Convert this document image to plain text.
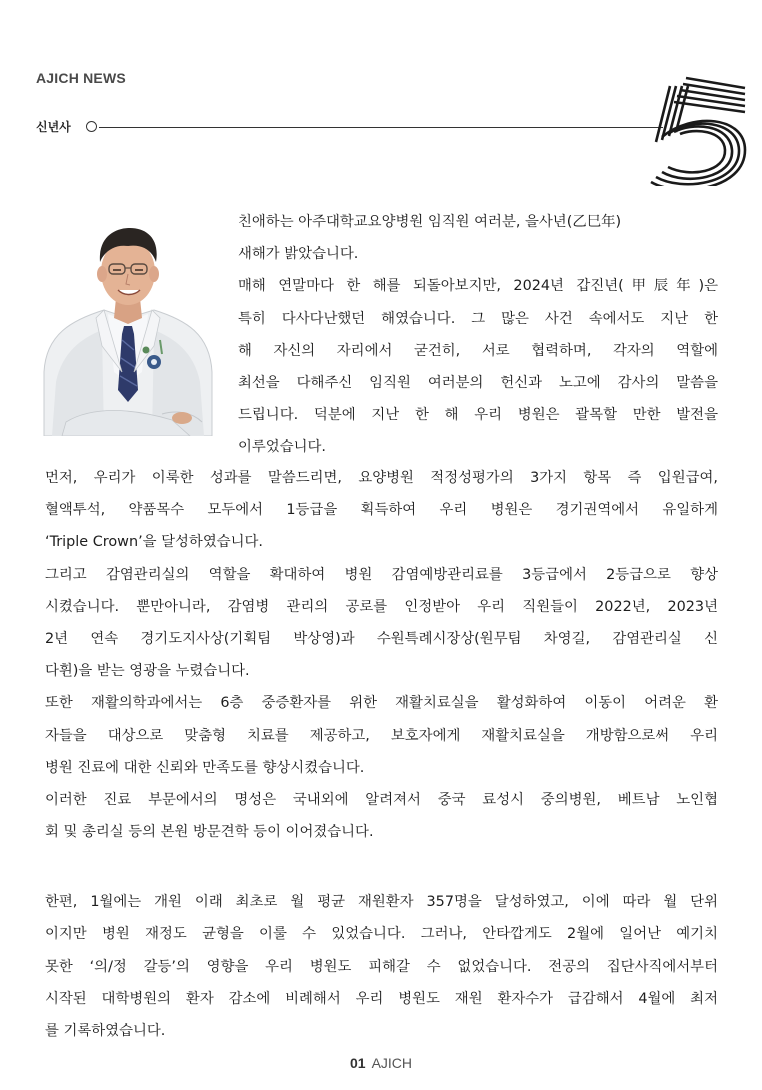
AJICH NEWS
신년사

친애하는 아주대학교요양병원 임직원 여러분, 을사년(乙巳年)

새해가 밝았습니다.

매해 연말마다 한 해를 되돌아보지만, 2024년 갑진년(甲辰年)은

특히 다사다난했던 해였습니다. 그 많은 사건 속에서도 지난 한

해 자신의 자리에서 굳건히, 서로 협력하며, 각자의 역할에

최선을 다해주신 임직원 여러분의 헌신과 노고에 감사의 말씀을

드립니다. 덕분에 지난 한 해 우리 병원은 괄목할 만한 발전을

이루었습니다.

먼저, 우리가 이룩한 성과를 말씀드리면, 요양병원 적정성평가의 3가지 항목 즉 입원급여,

혈액투석, 약품목수 모두에서 1등급을 획득하여 우리 병원은 경기권역에서 유일하게

‘Triple Crown’을 달성하였습니다.

그리고 감염관리실의 역할을 확대하여 병원 감염예방관리료를 3등급에서 2등급으로 향상

시켰습니다. 뿐만아니라, 감염병 관리의 공로를 인정받아 우리 직원들이 2022년, 2023년

2년 연속 경기도지사상(기획팀 박상영)과 수원특례시장상(원무팀 차영길, 감염관리실 신

다휜)을 받는 영광을 누렸습니다.

또한 재활의학과에서는 6층 중증환자를 위한 재활치료실을 활성화하여 이동이 어려운 환

자들을 대상으로 맞춤형 치료를 제공하고, 보호자에게 재활치료실을 개방함으로써 우리

병원 진료에 대한 신뢰와 만족도를 향상시켰습니다.

이러한 진료 부문에서의 명성은 국내외에 알려져서 중국 료성시 중의병원, 베트남 노인협

회 및 총리실 등의 본원 방문견학 등이 이어졌습니다.

한편, 1월에는 개원 이래 최초로 월 평균 재원환자 357명을 달성하였고, 이에 따라 월 단위

이지만 병원 재정도 균형을 이룰 수 있었습니다. 그러나, 안타깝게도 2월에 일어난 예기치

못한 ‘의/정 갈등’의 영향을 우리 병원도 피해갈 수 없었습니다. 전공의 집단사직에서부터

시작된 대학병원의 환자 감소에 비례해서 우리 병원도 재원 환자수가 급감해서 4월에 최저

를 기록하였습니다.

01 AJICH
